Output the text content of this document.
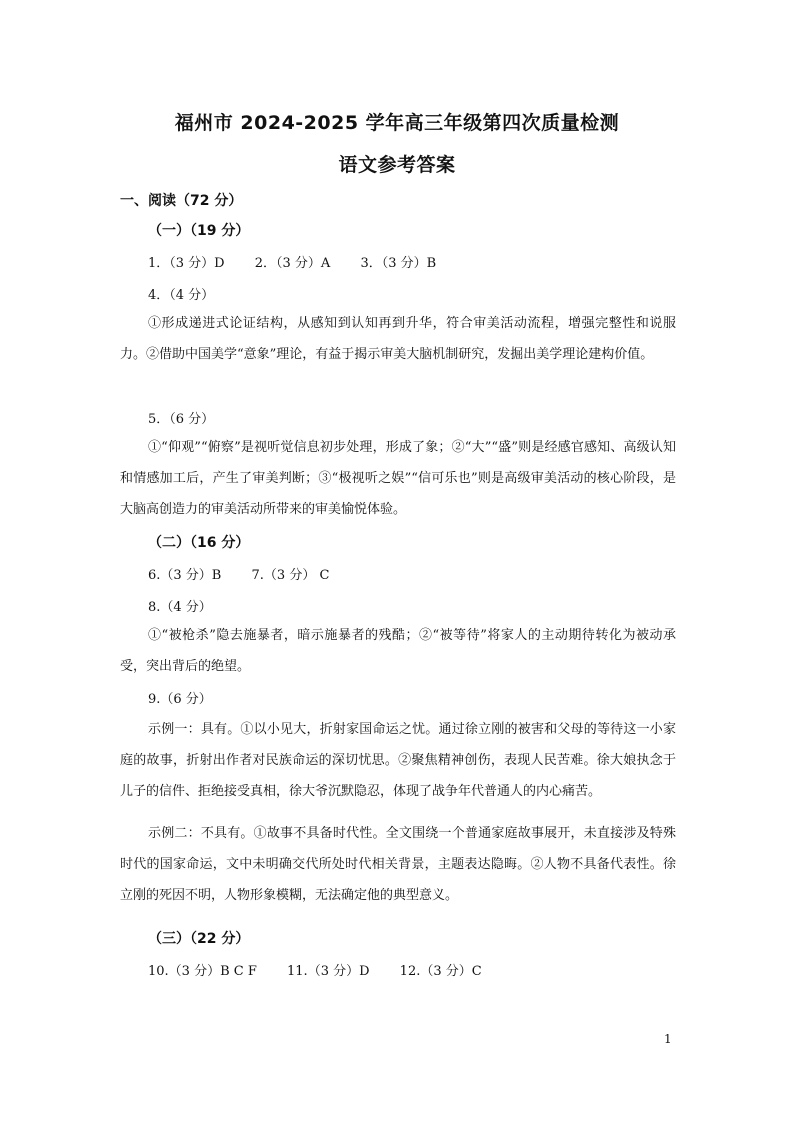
福州市 2024-2025 学年高三年级第四次质量检测
语文参考答案
一、阅读（72 分）
（一）（19 分）
1．（3 分）D 2．（3 分）A 3．（3 分）B
4．（4 分）
①形成递进式论证结构，从感知到认知再到升华，符合审美活动流程，增强完整性和说服力。②借助中国美学“意象”理论，有益于揭示审美大脑机制研究，发掘出美学理论建构价值。
5．（6 分）
①“仰观”“俯察”是视听觉信息初步处理，形成了象；②“大”“盛”则是经感官感知、高级认知和情感加工后，产生了审美判断；③“极视听之娱”“信可乐也”则是高级审美活动的核心阶段，是大脑高创造力的审美活动所带来的审美愉悦体验。
（二）（16 分）
6.（3 分）B 7.（3 分） C
8.（4 分）
①“被枪杀”隐去施暴者，暗示施暴者的残酷；②“被等待”将家人的主动期待转化为被动承受，突出背后的绝望。
9.（6 分）
示例一：具有。①以小见大，折射家国命运之忧。通过徐立刚的被害和父母的等待这一小家庭的故事，折射出作者对民族命运的深切忧思。②聚焦精神创伤，表现人民苦难。徐大娘执念于儿子的信件、拒绝接受真相，徐大爷沉默隐忍，体现了战争年代普通人的内心痛苦。
示例二：不具有。①故事不具备时代性。全文围绕一个普通家庭故事展开，未直接涉及特殊时代的国家命运，文中未明确交代所处时代相关背景，主题表达隐晦。②人物不具备代表性。徐立刚的死因不明，人物形象模糊，无法确定他的典型意义。
（三）（22 分）
10.（3 分）B C F 11.（3 分）D 12.（3 分）C
1
